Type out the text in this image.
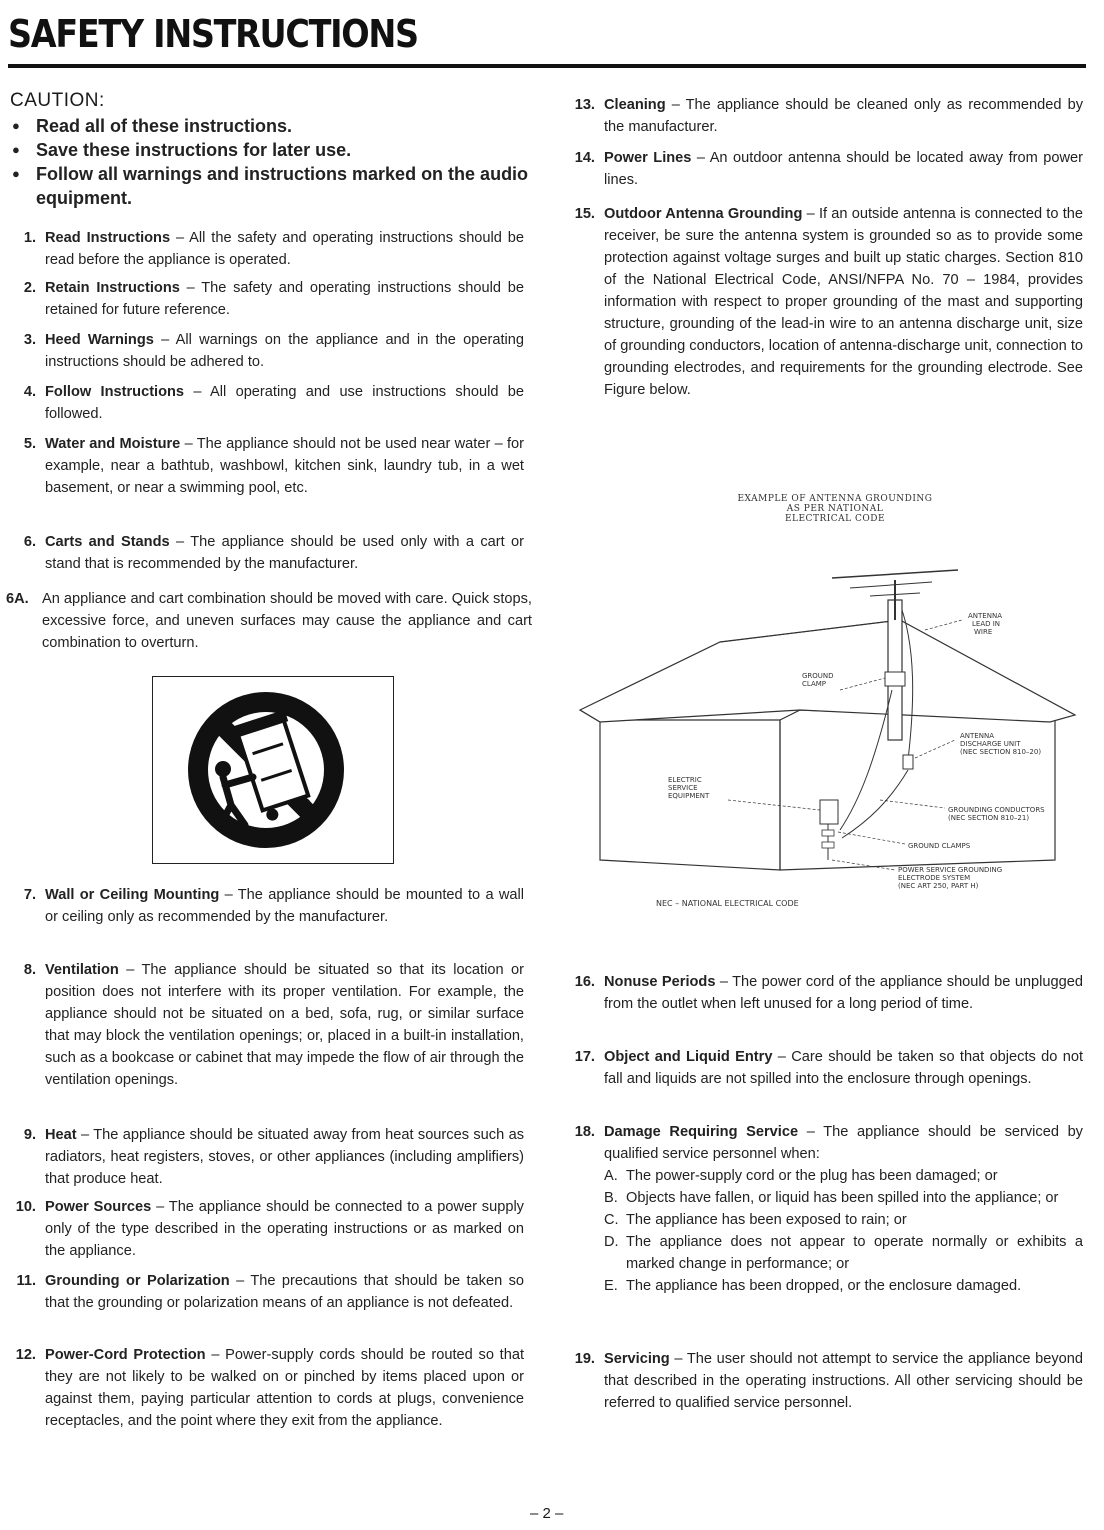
SAFETY INSTRUCTIONS
CAUTION:
● Read all of these instructions.
● Save these instructions for later use.
● Follow all warnings and instructions marked on the audio equipment.
1. Read Instructions – All the safety and operating instructions should be read before the appliance is operated.
2. Retain Instructions – The safety and operating instructions should be retained for future reference.
3. Heed Warnings – All warnings on the appliance and in the operating instructions should be adhered to.
4. Follow Instructions – All operating and use instructions should be followed.
5. Water and Moisture – The appliance should not be used near water – for example, near a bathtub, washbowl, kitchen sink, laundry tub, in a wet basement, or near a swimming pool, etc.
6. Carts and Stands – The appliance should be used only with a cart or stand that is recommended by the manufacturer.
6A. An appliance and cart combination should be moved with care. Quick stops, excessive force, and uneven surfaces may cause the appliance and cart combination to overturn.
7. Wall or Ceiling Mounting – The appliance should be mounted to a wall or ceiling only as recommended by the manufacturer.
8. Ventilation – The appliance should be situated so that its location or position does not interfere with its proper ventilation. For example, the appliance should not be situated on a bed, sofa, rug, or similar surface that may block the ventilation openings; or, placed in a built-in installation, such as a bookcase or cabinet that may impede the flow of air through the ventilation openings.
9. Heat – The appliance should be situated away from heat sources such as radiators, heat registers, stoves, or other appliances (including amplifiers) that produce heat.
10. Power Sources – The appliance should be connected to a power supply only of the type described in the operating instructions or as marked on the appliance.
11. Grounding or Polarization – The precautions that should be taken so that the grounding or polarization means of an appliance is not defeated.
12. Power-Cord Protection – Power-supply cords should be routed so that they are not likely to be walked on or pinched by items placed upon or against them, paying particular attention to cords at plugs, convenience receptacles, and the point where they exit from the appliance.
13. Cleaning – The appliance should be cleaned only as recommended by the manufacturer.
14. Power Lines – An outdoor antenna should be located away from power lines.
15. Outdoor Antenna Grounding – If an outside antenna is connected to the receiver, be sure the antenna system is grounded so as to provide some protection against voltage surges and built up static charges. Section 810 of the National Electrical Code, ANSI/NFPA No. 70 – 1984, provides information with respect to proper grounding of the mast and supporting structure, grounding of the lead-in wire to an antenna discharge unit, size of grounding conductors, location of antenna-discharge unit, connection to grounding electrodes, and requirements for the grounding electrode. See Figure below.
EXAMPLE OF ANTENNA GROUNDING
AS PER NATIONAL
ELECTRICAL CODE
ANTENNA LEAD IN WIRE
GROUND CLAMP
ANTENNA DISCHARGE UNIT (NEC SECTION 810–20)
ELECTRIC SERVICE EQUIPMENT
GROUNDING CONDUCTORS (NEC SECTION 810–21)
GROUND CLAMPS
POWER SERVICE GROUNDING ELECTRODE SYSTEM (NEC ART 250, PART H)
NEC – NATIONAL ELECTRICAL CODE
16. Nonuse Periods – The power cord of the appliance should be unplugged from the outlet when left unused for a long period of time.
17. Object and Liquid Entry – Care should be taken so that objects do not fall and liquids are not spilled into the enclosure through openings.
18. Damage Requiring Service – The appliance should be serviced by qualified service personnel when:
A. The power-supply cord or the plug has been damaged; or
B. Objects have fallen, or liquid has been spilled into the appliance; or
C. The appliance has been exposed to rain; or
D. The appliance does not appear to operate normally or exhibits a marked change in performance; or
E. The appliance has been dropped, or the enclosure damaged.
19. Servicing – The user should not attempt to service the appliance beyond that described in the operating instructions. All other servicing should be referred to qualified service personnel.
– 2 –
